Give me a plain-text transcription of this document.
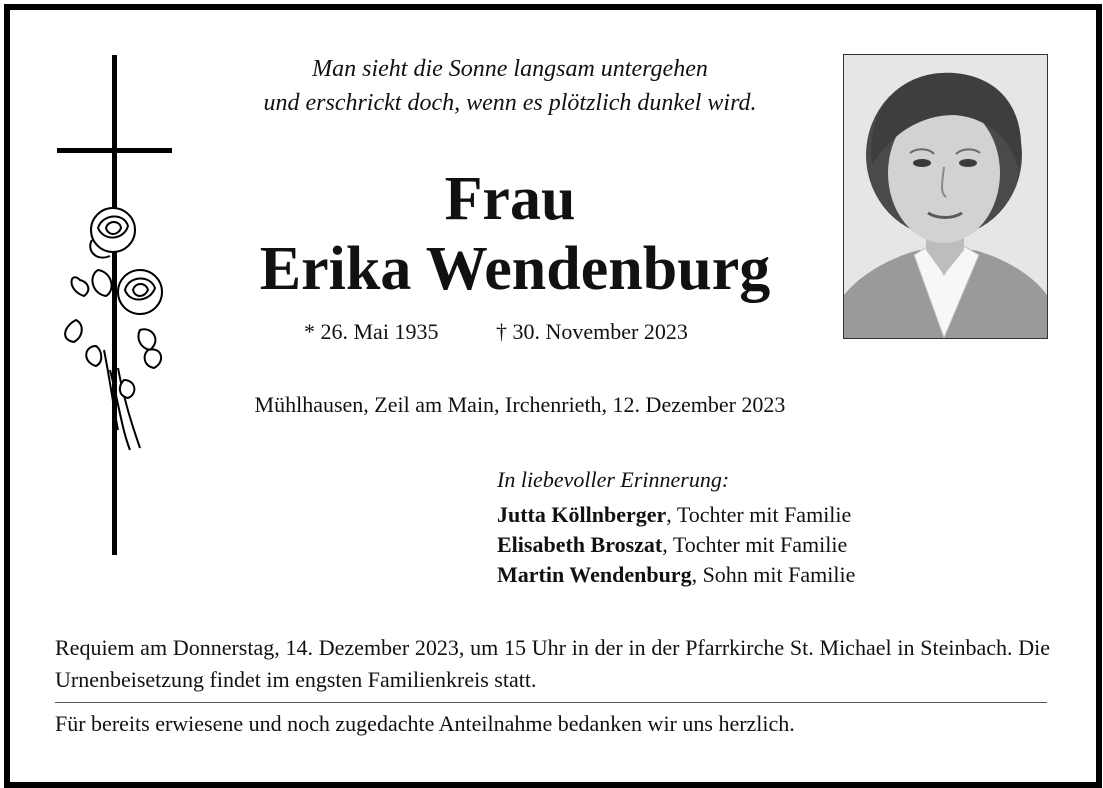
Man sieht die Sonne langsam untergehen
und erschrickt doch, wenn es plötzlich dunkel wird.
Frau
Erika Wendenburg
* 26. Mai 1935	† 30. November 2023
Mühlhausen, Zeil am Main, Irchenrieth, 12. Dezember 2023
In liebevoller Erinnerung:
Jutta Köllnberger, Tochter mit Familie
Elisabeth Broszat, Tochter mit Familie
Martin Wendenburg, Sohn mit Familie
Requiem am Donnerstag, 14. Dezember 2023, um 15 Uhr in der in der Pfarrkirche St. Michael in Steinbach. Die Urnenbeisetzung findet im engsten Familienkreis statt.
Für bereits erwiesene und noch zugedachte Anteilnahme bedanken wir uns herzlich.
